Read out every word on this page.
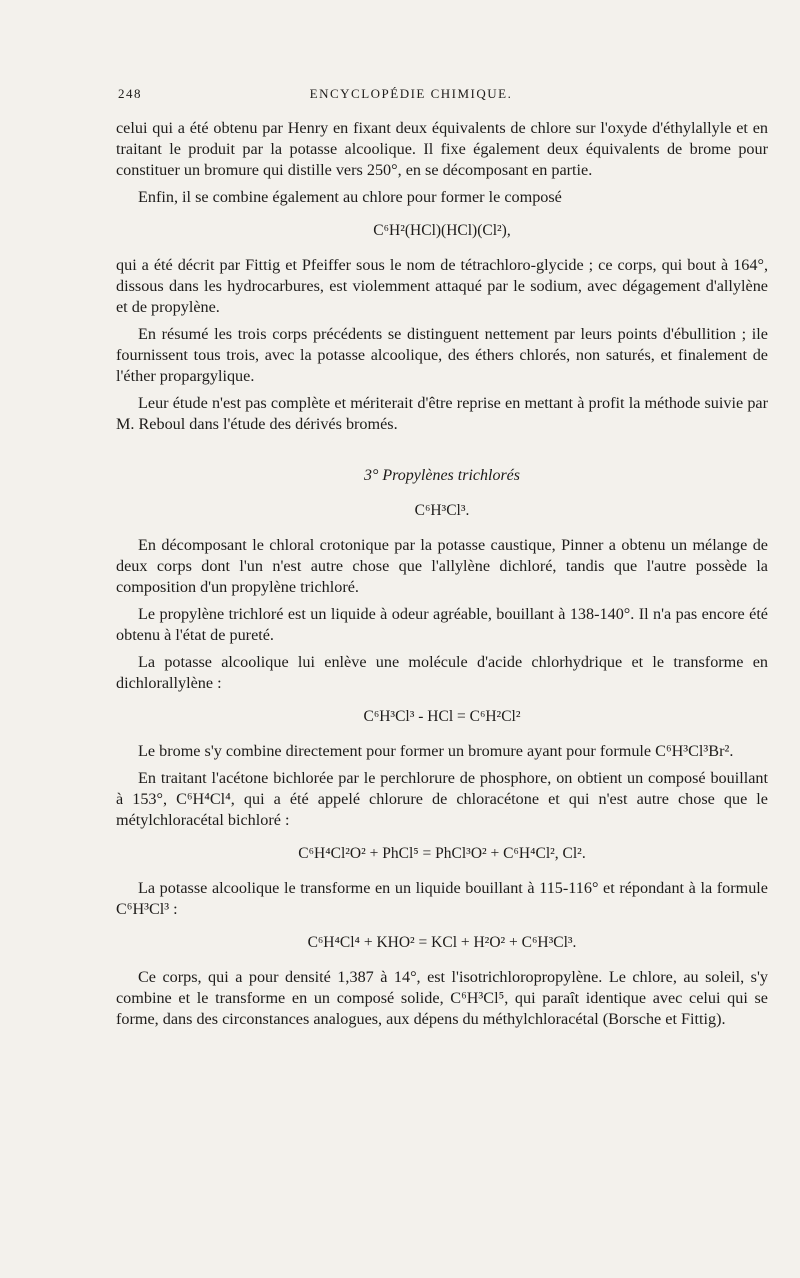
248	ENCYCLOPÉDIE CHIMIQUE.

celui qui a été obtenu par Henry en fixant deux équivalents de chlore sur l'oxyde d'éthylallyle et en traitant le produit par la potasse alcoolique. Il fixe également deux équivalents de brome pour constituer un bromure qui distille vers 250°, en se décomposant en partie.

Enfin, il se combine également au chlore pour former le composé

C⁶H²(HCl)(HCl)(Cl²),

qui a été décrit par Fittig et Pfeiffer sous le nom de tétrachloro-glycide ; ce corps, qui bout à 164°, dissous dans les hydrocarbures, est violemment attaqué par le sodium, avec dégagement d'allylène et de propylène.

En résumé les trois corps précédents se distinguent nettement par leurs points d'ébullition ; ile fournissent tous trois, avec la potasse alcoolique, des éthers chlorés, non saturés, et finalement de l'éther propargylique.

Leur étude n'est pas complète et mériterait d'être reprise en mettant à profit la méthode suivie par M. Reboul dans l'étude des dérivés bromés.

3° Propylènes trichlorés
C⁶H³Cl³.

En décomposant le chloral crotonique par la potasse caustique, Pinner a obtenu un mélange de deux corps dont l'un n'est autre chose que l'allylène dichloré, tandis que l'autre possède la composition d'un propylène trichloré.

Le propylène trichloré est un liquide à odeur agréable, bouillant à 138-140°. Il n'a pas encore été obtenu à l'état de pureté.

La potasse alcoolique lui enlève une molécule d'acide chlorhydrique et le transforme en dichlorallylène :

C⁶H³Cl³ - HCl = C⁶H²Cl²

Le brome s'y combine directement pour former un bromure ayant pour formule C⁶H³Cl³Br².

En traitant l'acétone bichlorée par le perchlorure de phosphore, on obtient un composé bouillant à 153°, C⁶H⁴Cl⁴, qui a été appelé chlorure de chloracétone et qui n'est autre chose que le métylchloracétal bichloré :

C⁶H⁴Cl²O² + PhCl⁵ = PhCl³O² + C⁶H⁴Cl², Cl².

La potasse alcoolique le transforme en un liquide bouillant à 115-116° et répondant à la formule C⁶H³Cl³ :

C⁶H⁴Cl⁴ + KHO² = KCl + H²O² + C⁶H³Cl³.

Ce corps, qui a pour densité 1,387 à 14°, est l'isotrichloropropylène. Le chlore, au soleil, s'y combine et le transforme en un composé solide, C⁶H³Cl⁵, qui paraît identique avec celui qui se forme, dans des circonstances analogues, aux dépens du méthylchloracétal (Borsche et Fittig).
